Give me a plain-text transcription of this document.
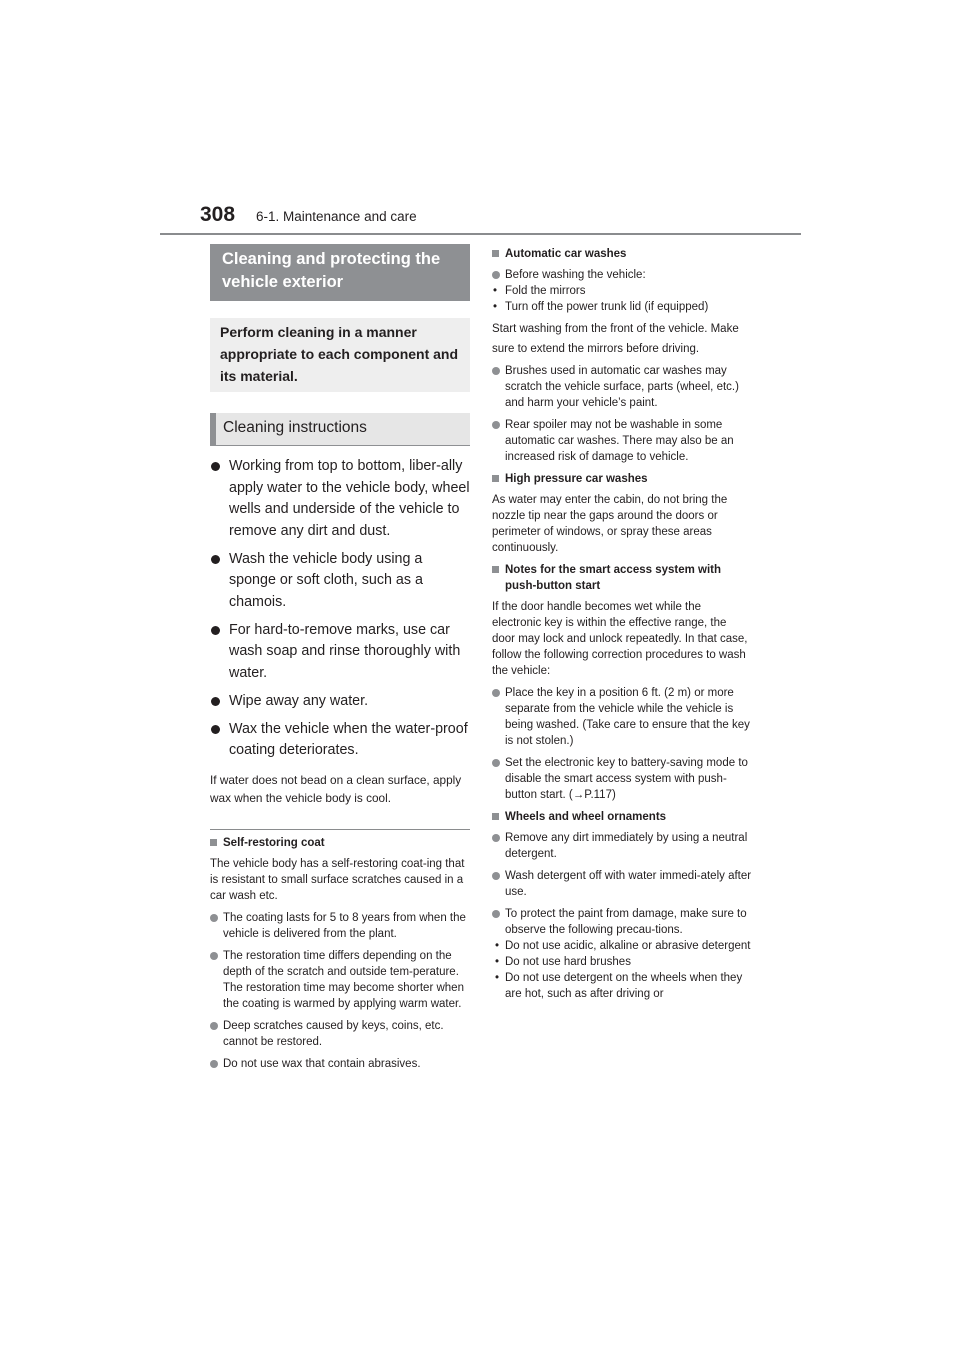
308 6-1. Maintenance and care
Cleaning and protecting the vehicle exterior
Perform cleaning in a manner appropriate to each component and its material.
Cleaning instructions
Working from top to bottom, liber-ally apply water to the vehicle body, wheel wells and underside of the vehicle to remove any dirt and dust.
Wash the vehicle body using a sponge or soft cloth, such as a chamois.
For hard-to-remove marks, use car wash soap and rinse thoroughly with water.
Wipe away any water.
Wax the vehicle when the water-proof coating deteriorates.
If water does not bead on a clean surface, apply wax when the vehicle body is cool.
Self-restoring coat
The vehicle body has a self-restoring coat-ing that is resistant to small surface scratches caused in a car wash etc.
The coating lasts for 5 to 8 years from when the vehicle is delivered from the plant.
The restoration time differs depending on the depth of the scratch and outside tem-perature.
The restoration time may become shorter when the coating is warmed by applying warm water.
Deep scratches caused by keys, coins, etc. cannot be restored.
Do not use wax that contain abrasives.
Automatic car washes
Before washing the vehicle:
• Fold the mirrors
• Turn off the power trunk lid (if equipped)
Start washing from the front of the vehicle. Make sure to extend the mirrors before driving.
Brushes used in automatic car washes may scratch the vehicle surface, parts (wheel, etc.) and harm your vehicle’s paint.
Rear spoiler may not be washable in some automatic car washes. There may also be an increased risk of damage to vehicle.
High pressure car washes
As water may enter the cabin, do not bring the nozzle tip near the gaps around the doors or perimeter of windows, or spray these areas continuously.
Notes for the smart access system with push-button start
If the door handle becomes wet while the electronic key is within the effective range, the door may lock and unlock repeatedly. In that case, follow the following correction procedures to wash the vehicle:
Place the key in a position 6 ft. (2 m) or more separate from the vehicle while the vehicle is being washed. (Take care to ensure that the key is not stolen.)
Set the electronic key to battery-saving mode to disable the smart access system with push-button start. (→P.117)
Wheels and wheel ornaments
Remove any dirt immediately by using a neutral detergent.
Wash detergent off with water immedi-ately after use.
To protect the paint from damage, make sure to observe the following precau-tions.
• Do not use acidic, alkaline or abrasive detergent
• Do not use hard brushes
• Do not use detergent on the wheels when they are hot, such as after driving or
